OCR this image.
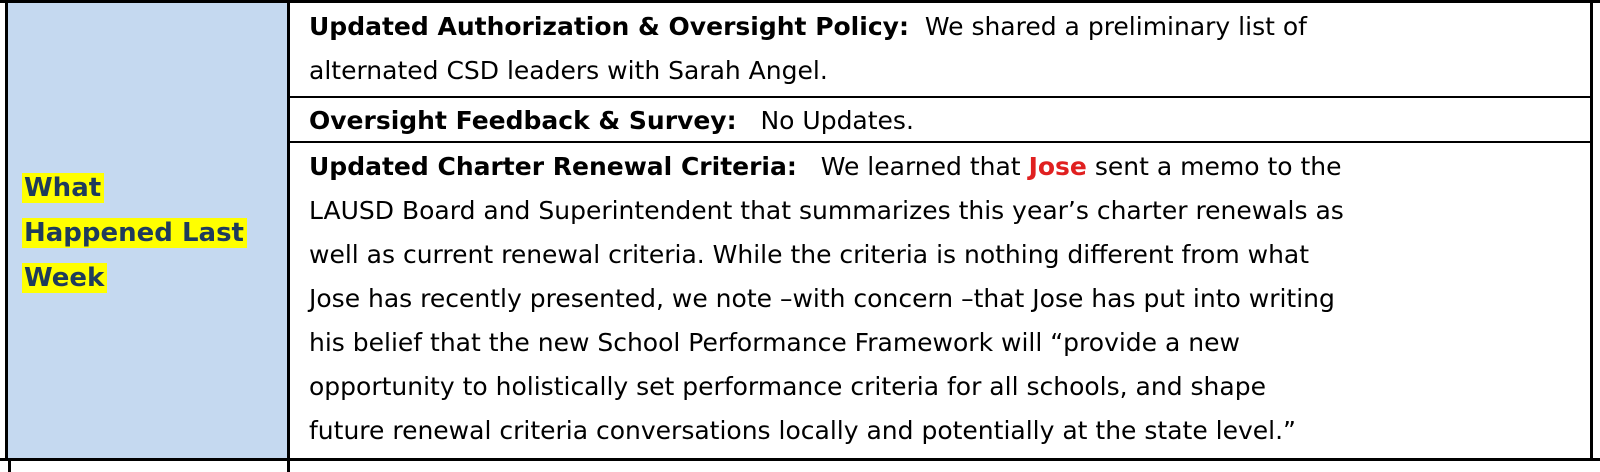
What
Happened Last
Week
Updated Authorization & Oversight Policy: We shared a preliminary list of
alternated CSD leaders with Sarah Angel.
Oversight Feedback & Survey: No Updates.
Updated Charter Renewal Criteria: We learned that Jose sent a memo to the
LAUSD Board and Superintendent that summarizes this year’s charter renewals as
well as current renewal criteria. While the criteria is nothing different from what
Jose has recently presented, we note –with concern –that Jose has put into writing
his belief that the new School Performance Framework will “provide a new
opportunity to holistically set performance criteria for all schools, and shape
future renewal criteria conversations locally and potentially at the state level.”
